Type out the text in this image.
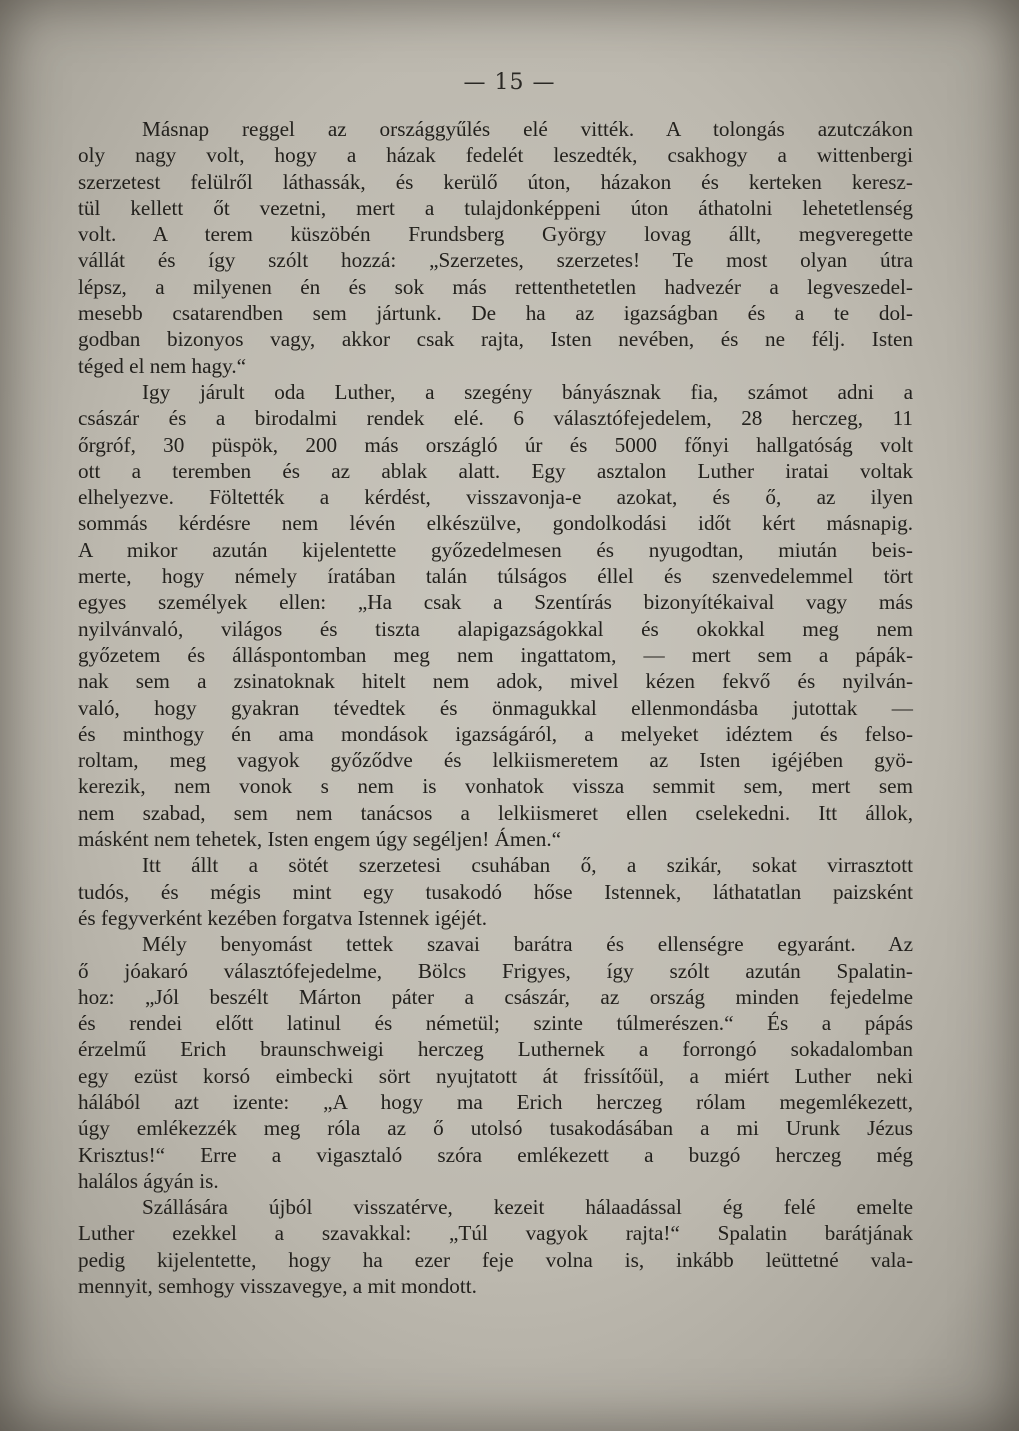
— 15 —
Másnap reggel az országgyűlés elé vitték. A tolongás azutczákon
oly nagy volt, hogy a házak fedelét leszedték, csakhogy a wittenbergi
szerzetest felülről láthassák, és kerülő úton, házakon és kerteken keresz-
tül kellett őt vezetni, mert a tulajdonképpeni úton áthatolni lehetetlenség
volt. A terem küszöbén Frundsberg György lovag állt, megveregette
vállát és így szólt hozzá: „Szerzetes, szerzetes! Te most olyan útra
lépsz, a milyenen én és sok más rettenthetetlen hadvezér a legveszedel-
mesebb csatarendben sem jártunk. De ha az igazságban és a te dol-
godban bizonyos vagy, akkor csak rajta, Isten nevében, és ne félj. Isten
téged el nem hagy.“
Igy járult oda Luther, a szegény bányásznak fia, számot adni a
császár és a birodalmi rendek elé. 6 választófejedelem, 28 herczeg, 11
őrgróf, 30 püspök, 200 más országló úr és 5000 főnyi hallgatóság volt
ott a teremben és az ablak alatt. Egy asztalon Luther iratai voltak
elhelyezve. Föltették a kérdést, visszavonja-e azokat, és ő, az ilyen
sommás kérdésre nem lévén elkészülve, gondolkodási időt kért másnapig.
A mikor azután kijelentette győzedelmesen és nyugodtan, miután beis-
merte, hogy némely íratában talán túlságos éllel és szenvedelemmel tört
egyes személyek ellen: „Ha csak a Szentírás bizonyítékaival vagy más
nyilvánvaló, világos és tiszta alapigazságokkal és okokkal meg nem
győzetem és álláspontomban meg nem ingattatom, — mert sem a pápák-
nak sem a zsinatoknak hitelt nem adok, mivel kézen fekvő és nyilván-
való, hogy gyakran tévedtek és önmagukkal ellenmondásba jutottak —
és minthogy én ama mondások igazságáról, a melyeket idéztem és felso-
roltam, meg vagyok győződve és lelkiismeretem az Isten igéjében gyö-
kerezik, nem vonok s nem is vonhatok vissza semmit sem, mert sem
nem szabad, sem nem tanácsos a lelkiismeret ellen cselekedni. Itt állok,
másként nem tehetek, Isten engem úgy segéljen! Ámen.“
Itt állt a sötét szerzetesi csuhában ő, a szikár, sokat virrasztott
tudós, és mégis mint egy tusakodó hőse Istennek, láthatatlan paizsként
és fegyverként kezében forgatva Istennek igéjét.
Mély benyomást tettek szavai barátra és ellenségre egyaránt. Az
ő jóakaró választófejedelme, Bölcs Frigyes, így szólt azután Spalatin-
hoz: „Jól beszélt Márton páter a császár, az ország minden fejedelme
és rendei előtt latinul és németül; szinte túlmerészen.“ És a pápás
érzelmű Erich braunschweigi herczeg Luthernek a forrongó sokadalomban
egy ezüst korsó eimbecki sört nyujtatott át frissítőül, a miért Luther neki
hálából azt izente: „A hogy ma Erich herczeg rólam megemlékezett,
úgy emlékezzék meg róla az ő utolsó tusakodásában a mi Urunk Jézus
Krisztus!“ Erre a vigasztaló szóra emlékezett a buzgó herczeg még
halálos ágyán is.
Szállására újból visszatérve, kezeit hálaadással ég felé emelte
Luther ezekkel a szavakkal: „Túl vagyok rajta!“ Spalatin barátjának
pedig kijelentette, hogy ha ezer feje volna is, inkább leüttetné vala-
mennyit, semhogy visszavegye, a mit mondott.
